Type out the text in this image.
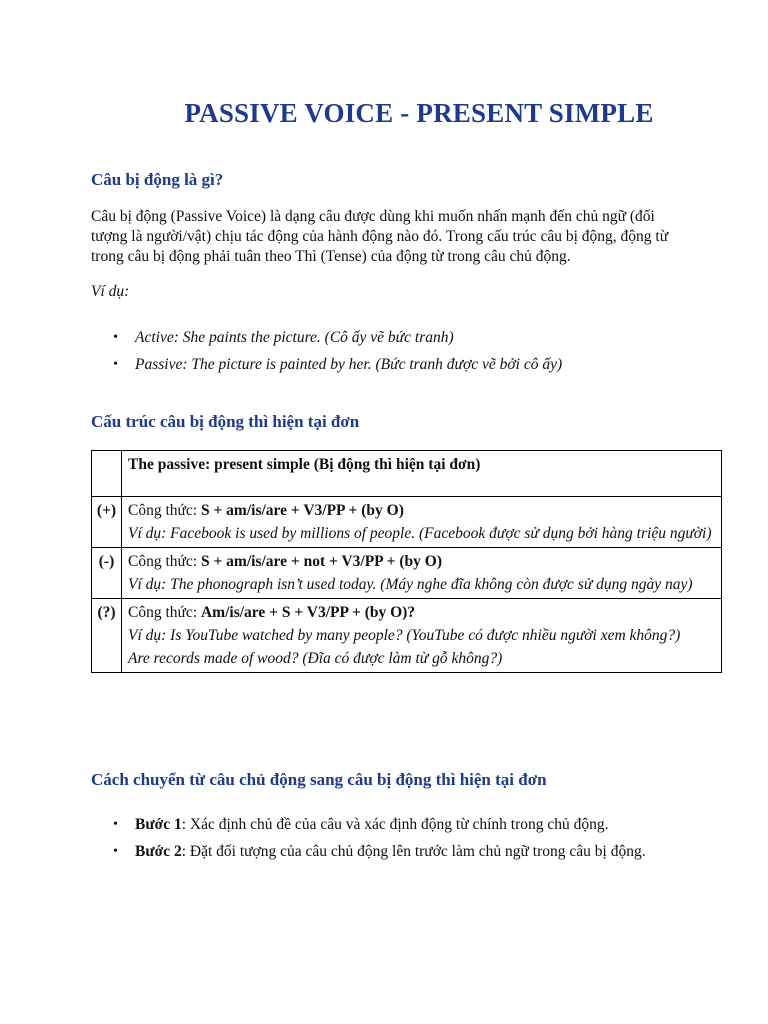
PASSIVE VOICE - PRESENT SIMPLE
Câu bị động là gì?

Câu bị động (Passive Voice) là dạng câu được dùng khi muốn nhấn mạnh đến chủ ngữ (đối tượng là người/vật) chịu tác động của hành động nào đó. Trong cấu trúc câu bị động, động từ trong câu bị động phải tuân theo Thì (Tense) của động từ trong câu chủ động.

Ví dụ:

• Active: She paints the picture. (Cô ấy vẽ bức tranh)
• Passive: The picture is painted by her. (Bức tranh được vẽ bởi cô ấy)
Cấu trúc câu bị động thì hiện tại đơn
	The passive: present simple (Bị động thì hiện tại đơn)
(+)	Công thức: S + am/is/are + V3/PP + (by O)
Ví dụ: Facebook is used by millions of people. (Facebook được sử dụng bởi hàng triệu người)

(-)	Công thức: S + am/is/are + not + V3/PP + (by O)
Ví dụ: The phonograph isn’t used today. (Máy nghe đĩa không còn được sử dụng ngày nay)

(?)	Công thức: Am/is/are + S + V3/PP + (by O)?
Ví dụ: Is YouTube watched by many people? (YouTube có được nhiều người xem không?)
Are records made of wood? (Đĩa có được làm từ gỗ không?)
Cách chuyển từ câu chủ động sang câu bị động thì hiện tại đơn
• Bước 1: Xác định chủ đề của câu và xác định động từ chính trong chủ động.
• Bước 2: Đặt đối tượng của câu chủ động lên trước làm chủ ngữ trong câu bị động.
